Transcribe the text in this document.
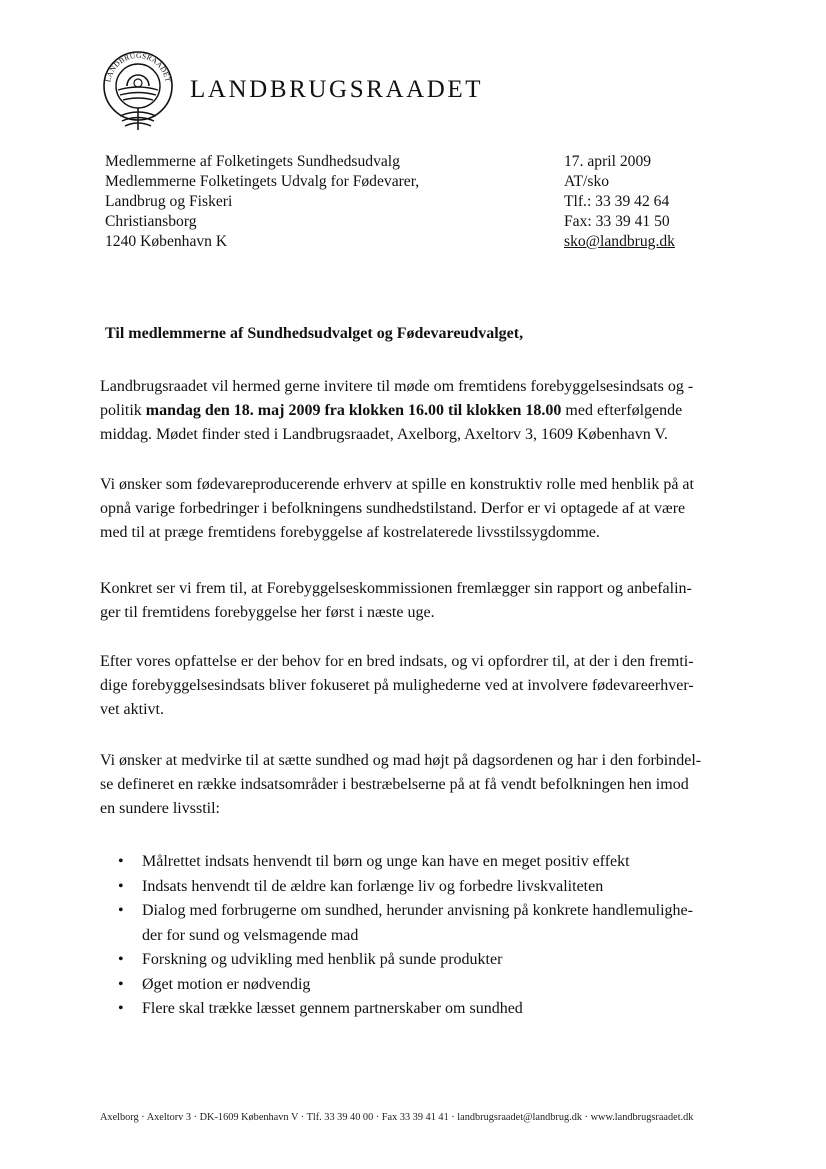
LANDBRUGSRAADET LANDBRUGSRAADET
Medlemmerne af Folketingets Sundhedsudvalg
Medlemmerne Folketingets Udvalg for Fødevarer,
Landbrug og Fiskeri
Christiansborg
1240 København K
17. april 2009
AT/sko
Tlf.: 33 39 42 64
Fax: 33 39 41 50
sko@landbrug.dk
Til medlemmerne af Sundhedsudvalget og Fødevareudvalget,
Landbrugsraadet vil hermed gerne invitere til møde om fremtidens forebyggelsesindsats og -
politik mandag den 18. maj 2009 fra klokken 16.00 til klokken 18.00 med efterfølgende
middag. Mødet finder sted i Landbrugsraadet, Axelborg, Axeltorv 3, 1609 København V.
Vi ønsker som fødevareproducerende erhverv at spille en konstruktiv rolle med henblik på at
opnå varige forbedringer i befolkningens sundhedstilstand. Derfor er vi optagede af at være
med til at præge fremtidens forebyggelse af kostrelaterede livsstilssygdomme.
Konkret ser vi frem til, at Forebyggelseskommissionen fremlægger sin rapport og anbefalin-
ger til fremtidens forebyggelse her først i næste uge.
Efter vores opfattelse er der behov for en bred indsats, og vi opfordrer til, at der i den fremti-
dige forebyggelsesindsats bliver fokuseret på mulighederne ved at involvere fødevareerhver-
vet aktivt.
Vi ønsker at medvirke til at sætte sundhed og mad højt på dagsordenen og har i den forbindel-
se defineret en række indsatsområder i bestræbelserne på at få vendt befolkningen hen imod
en sundere livsstil:
• Målrettet indsats henvendt til børn og unge kan have en meget positiv effekt
• Indsats henvendt til de ældre kan forlænge liv og forbedre livskvaliteten
• Dialog med forbrugerne om sundhed, herunder anvisning på konkrete handlemulighe-
der for sund og velsmagende mad
• Forskning og udvikling med henblik på sunde produkter
• Øget motion er nødvendig
• Flere skal trække læsset gennem partnerskaber om sundhed
Axelborg · Axeltorv 3 · DK-1609 København V · Tlf. 33 39 40 00 · Fax 33 39 41 41 · landbrugsraadet@landbrug.dk · www.landbrugsraadet.dk
